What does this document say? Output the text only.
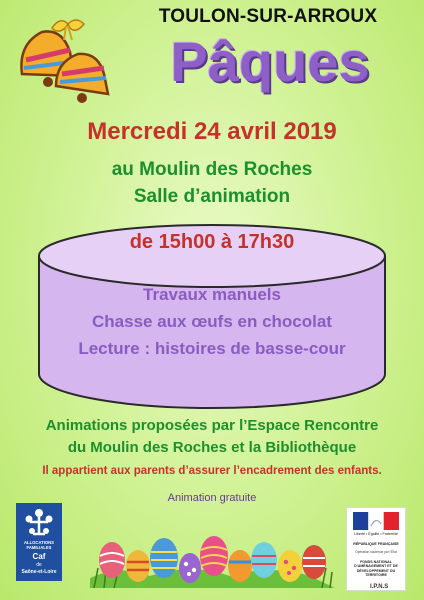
TOULON-SUR-ARROUX
Pâques
Mercredi 24 avril 2019
au Moulin des Roches
Salle d’animation
de 15h00 à 17h30
Travaux manuels
Chasse aux œufs en chocolat
Lecture : histoires de basse-cour
Animations proposées par l’Espace Rencontre
du Moulin des Roches et la Bibliothèque
Il appartient aux parents d’assurer l’encadrement des enfants.
Animation gratuite
ALLOCATIONS FAMILIALES
Caf
de
Saône-et-Loire
Liberté • Égalité • Fraternité
RÉPUBLIQUE FRANÇAISE
Opération soutenue par l’État
FONDS NATIONAL D’AMÉNAGEMENT ET DE DÉVELOPPEMENT DU TERRITOIRE
I.P.N.S
